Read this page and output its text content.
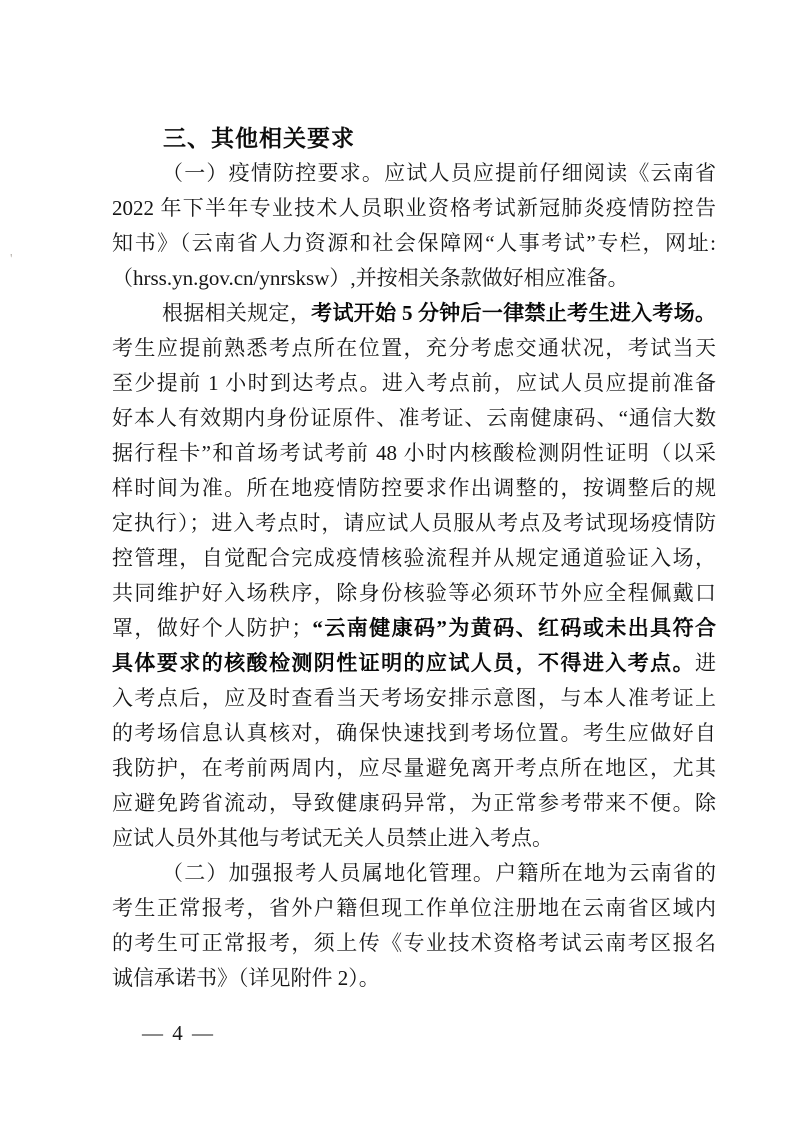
三、其他相关要求
（一）疫情防控要求。应试人员应提前仔细阅读《云南省
2022 年下半年专业技术人员职业资格考试新冠肺炎疫情防控告
知书》（云南省人力资源和社会保障网“人事考试”专栏，网址:
（hrss.yn.gov.cn/ynrsksw）,并按相关条款做好相应准备。
根据相关规定，考试开始 5 分钟后一律禁止考生进入考场。
考生应提前熟悉考点所在位置，充分考虑交通状况，考试当天
至少提前 1 小时到达考点。进入考点前，应试人员应提前准备
好本人有效期内身份证原件、准考证、云南健康码、“通信大数
据行程卡”和首场考试考前 48 小时内核酸检测阴性证明（以采
样时间为准。所在地疫情防控要求作出调整的，按调整后的规
定执行）；进入考点时，请应试人员服从考点及考试现场疫情防
控管理，自觉配合完成疫情核验流程并从规定通道验证入场，
共同维护好入场秩序，除身份核验等必须环节外应全程佩戴口
罩，做好个人防护；“云南健康码”为黄码、红码或未出具符合
具体要求的核酸检测阴性证明的应试人员，不得进入考点。进
入考点后，应及时查看当天考场安排示意图，与本人准考证上
的考场信息认真核对，确保快速找到考场位置。考生应做好自
我防护，在考前两周内，应尽量避免离开考点所在地区，尤其
应避免跨省流动，导致健康码异常，为正常参考带来不便。除
应试人员外其他与考试无关人员禁止进入考点。
（二）加强报考人员属地化管理。户籍所在地为云南省的
考生正常报考，省外户籍但现工作单位注册地在云南省区域内
的考生可正常报考，须上传《专业技术资格考试云南考区报名
诚信承诺书》（详见附件 2）。
— 4 —
'
